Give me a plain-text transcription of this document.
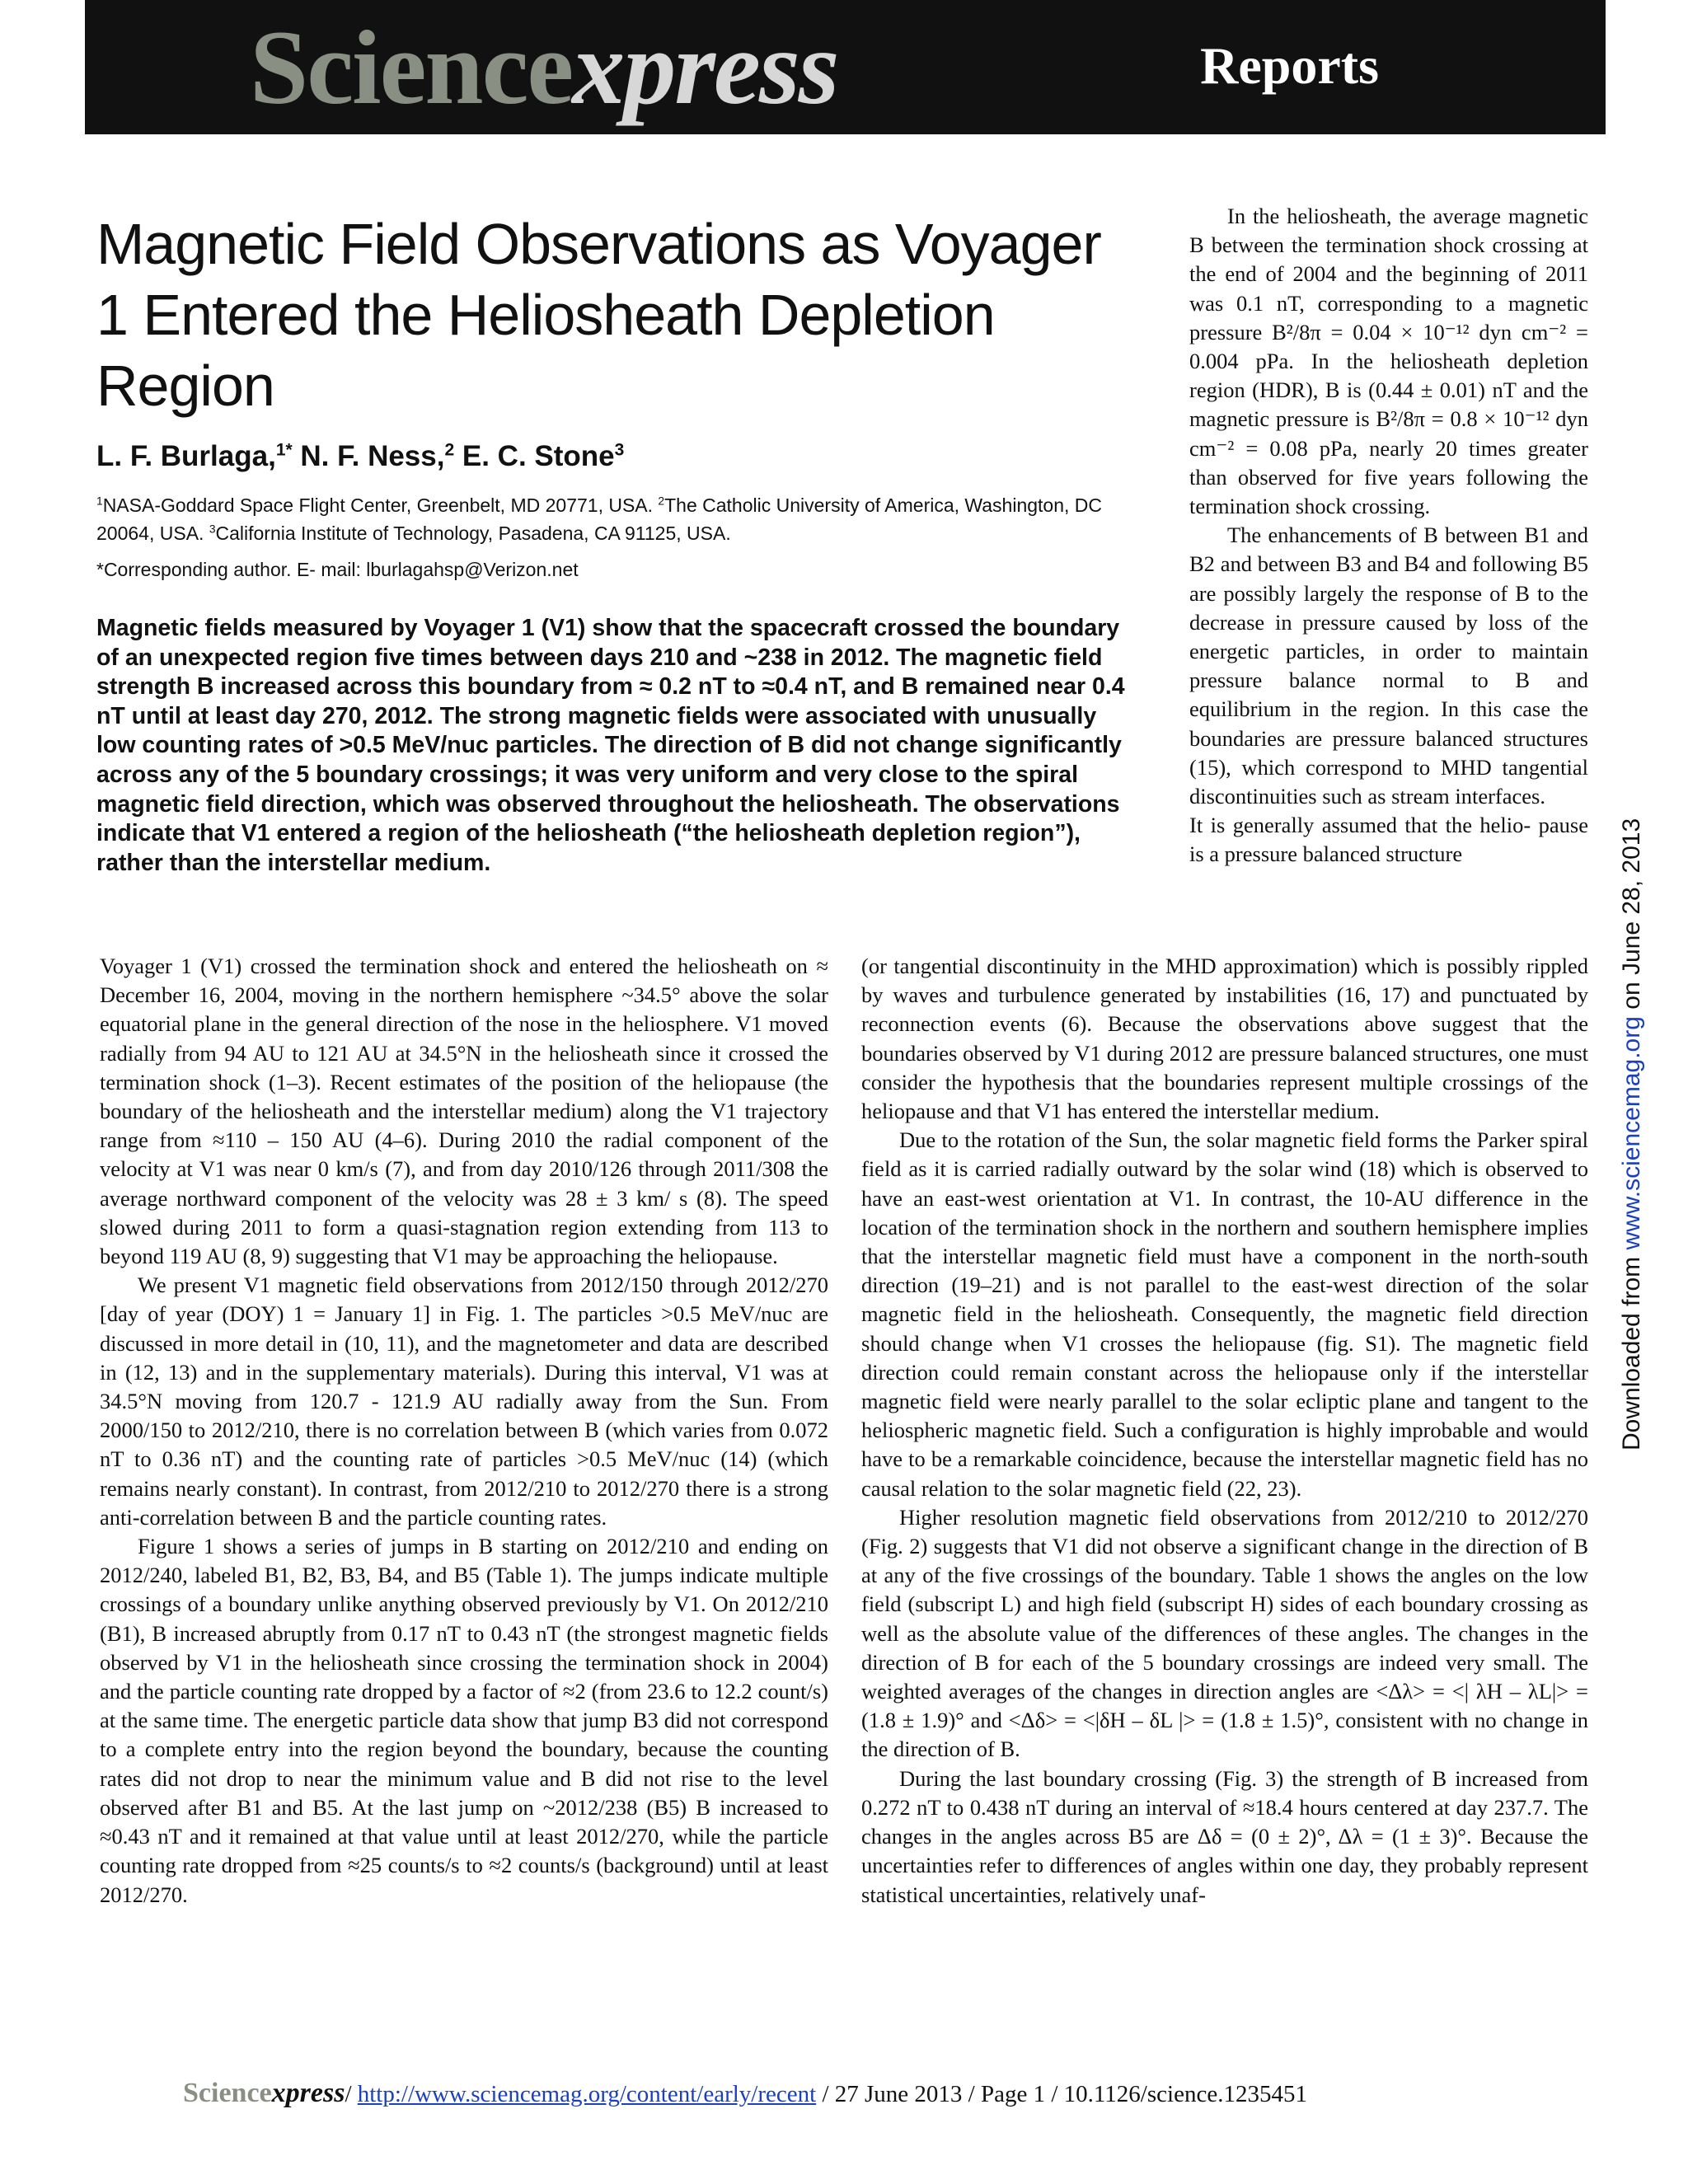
Sciencexpress	Reports
Magnetic Field Observations as Voyager 1 Entered the Heliosheath Depletion Region
L. F. Burlaga,$^{1*}$ N. F. Ness,$^2$ E. C. Stone$^3$
$^1$NASA-Goddard Space Flight Center, Greenbelt, MD 20771, USA. $^2$The Catholic University of America, Washington, DC 20064, USA. $^3$California Institute of Technology, Pasadena, CA 91125, USA.
*Corresponding author. E- mail: lburlagahsp@Verizon.net
Magnetic fields measured by Voyager 1 (V1) show that the spacecraft crossed the boundary of an unexpected region five times between days 210 and ~238 in 2012. The magnetic field strength B increased across this boundary from ≈ 0.2 nT to ≈0.4 nT, and B remained near 0.4 nT until at least day 270, 2012. The strong magnetic fields were associated with unusually low counting rates of >0.5 MeV/nuc particles. The direction of B did not change significantly across any of the 5 boundary crossings; it was very uniform and very close to the spiral magnetic field direction, which was observed throughout the heliosheath. The observations indicate that V1 entered a region of the heliosheath (“the heliosheath depletion region”), rather than the interstellar medium.

In the heliosheath, the average magnetic B between the termination shock crossing at the end of 2004 and the beginning of 2011 was 0.1 nT, corresponding to a magnetic pressure B²/8π = 0.04 × 10⁻¹² dyn cm⁻² = 0.004 pPa. In the heliosheath depletion region (HDR), B is (0.44 ± 0.01) nT and the magnetic pressure is B²/8π = 0.8 × 10⁻¹² dyn cm⁻² = 0.08 pPa, nearly 20 times greater than observed for five years following the termination shock crossing.

The enhancements of B between B1 and B2 and between B3 and B4 and following B5 are possibly largely the response of B to the decrease in pressure caused by loss of the energetic particles, in order to maintain pressure balance normal to B and equilibrium in the region. In this case the boundaries are pressure balanced structures (15), which correspond to MHD tangential discontinuities such as stream interfaces.

It is generally assumed that the helio- pause is a pressure balanced structure

(or tangential discontinuity in the MHD approximation) which is possibly rippled by waves and turbulence generated by instabilities (16, 17) and punctuated by reconnection events (6). Because the observations above suggest that the boundaries observed by V1 during 2012 are pressure balanced structures, one must consider the hypothesis that the boundaries represent multiple crossings of the heliopause and that V1 has entered the interstellar medium.

Due to the rotation of the Sun, the solar magnetic field forms the Parker spiral field as it is carried radially outward by the solar wind (18) which is observed to have an east-west orientation at V1. In contrast, the 10-AU difference in the location of the termination shock in the northern and southern hemisphere implies that the interstellar magnetic field must have a component in the north-south direction (19–21) and is not parallel to the east-west direction of the solar magnetic field in the heliosheath. Consequently, the magnetic field direction should change when V1 crosses the heliopause (fig. S1). The magnetic field direction could remain constant across the heliopause only if the interstellar magnetic field were nearly parallel to the solar ecliptic plane and tangent to the heliospheric magnetic field. Such a configuration is highly improbable and would have to be a remarkable coincidence, because the interstellar magnetic field has no causal relation to the solar magnetic field (22, 23).

Higher resolution magnetic field observations from 2012/210 to 2012/270 (Fig. 2) suggests that V1 did not observe a significant change in the direction of B at any of the five crossings of the boundary. Table 1 shows the angles on the low field (subscript L) and high field (subscript H) sides of each boundary crossing as well as the absolute value of the differences of these angles. The changes in the direction of B for each of the 5 boundary crossings are indeed very small. The weighted averages of the changes in direction angles are <Δλ> = <| λH – λL|> = (1.8 ± 1.9)° and <Δδ> = <|δH – δL |> = (1.8 ± 1.5)°, consistent with no change in the direction of B.

During the last boundary crossing (Fig. 3) the strength of B increased from 0.272 nT to 0.438 nT during an interval of ≈18.4 hours centered at day 237.7. The changes in the angles across B5 are Δδ = (0 ± 2)°, Δλ = (1 ± 3)°. Because the uncertainties refer to differences of angles within one day, they probably represent statistical uncertainties, relatively unaf-

Voyager 1 (V1) crossed the termination shock and entered the heliosheath on ≈ December 16, 2004, moving in the northern hemisphere ~34.5° above the solar equatorial plane in the general direction of the nose in the heliosphere. V1 moved radially from 94 AU to 121 AU at 34.5°N in the heliosheath since it crossed the termination shock (1–3). Recent estimates of the position of the heliopause (the boundary of the heliosheath and the interstellar medium) along the V1 trajectory range from ≈110 – 150 AU (4–6). During 2010 the radial component of the velocity at V1 was near 0 km/s (7), and from day 2010/126 through 2011/308 the average northward component of the velocity was 28 ± 3 km/ s (8). The speed slowed during 2011 to form a quasi-stagnation region extending from 113 to beyond 119 AU (8, 9) suggesting that V1 may be approaching the heliopause.

We present V1 magnetic field observations from 2012/150 through 2012/270 [day of year (DOY) 1 = January 1] in Fig. 1. The particles >0.5 MeV/nuc are discussed in more detail in (10, 11), and the magnetometer and data are described in (12, 13) and in the supplementary materials). During this interval, V1 was at 34.5°N moving from 120.7 - 121.9 AU radially away from the Sun. From 2000/150 to 2012/210, there is no correlation between B (which varies from 0.072 nT to 0.36 nT) and the counting rate of particles >0.5 MeV/nuc (14) (which remains nearly constant). In contrast, from 2012/210 to 2012/270 there is a strong anti-correlation between B and the particle counting rates.

Figure 1 shows a series of jumps in B starting on 2012/210 and ending on 2012/240, labeled B1, B2, B3, B4, and B5 (Table 1). The jumps indicate multiple crossings of a boundary unlike anything observed previously by V1. On 2012/210 (B1), B increased abruptly from 0.17 nT to 0.43 nT (the strongest magnetic fields observed by V1 in the heliosheath since crossing the termination shock in 2004) and the particle counting rate dropped by a factor of ≈2 (from 23.6 to 12.2 count/s) at the same time. The energetic particle data show that jump B3 did not correspond to a complete entry into the region beyond the boundary, because the counting rates did not drop to near the minimum value and B did not rise to the level observed after B1 and B5. At the last jump on ~2012/238 (B5) B increased to ≈0.43 nT and it remained at that value until at least 2012/270, while the particle counting rate dropped from ≈25 counts/s to ≈2 counts/s (background) until at least 2012/270.

Downloaded from www.sciencemag.org on June 28, 2013
Sciencexpress/ http://www.sciencemag.org/content/early/recent / 27 June 2013 / Page 1 / 10.1126/science.1235451
